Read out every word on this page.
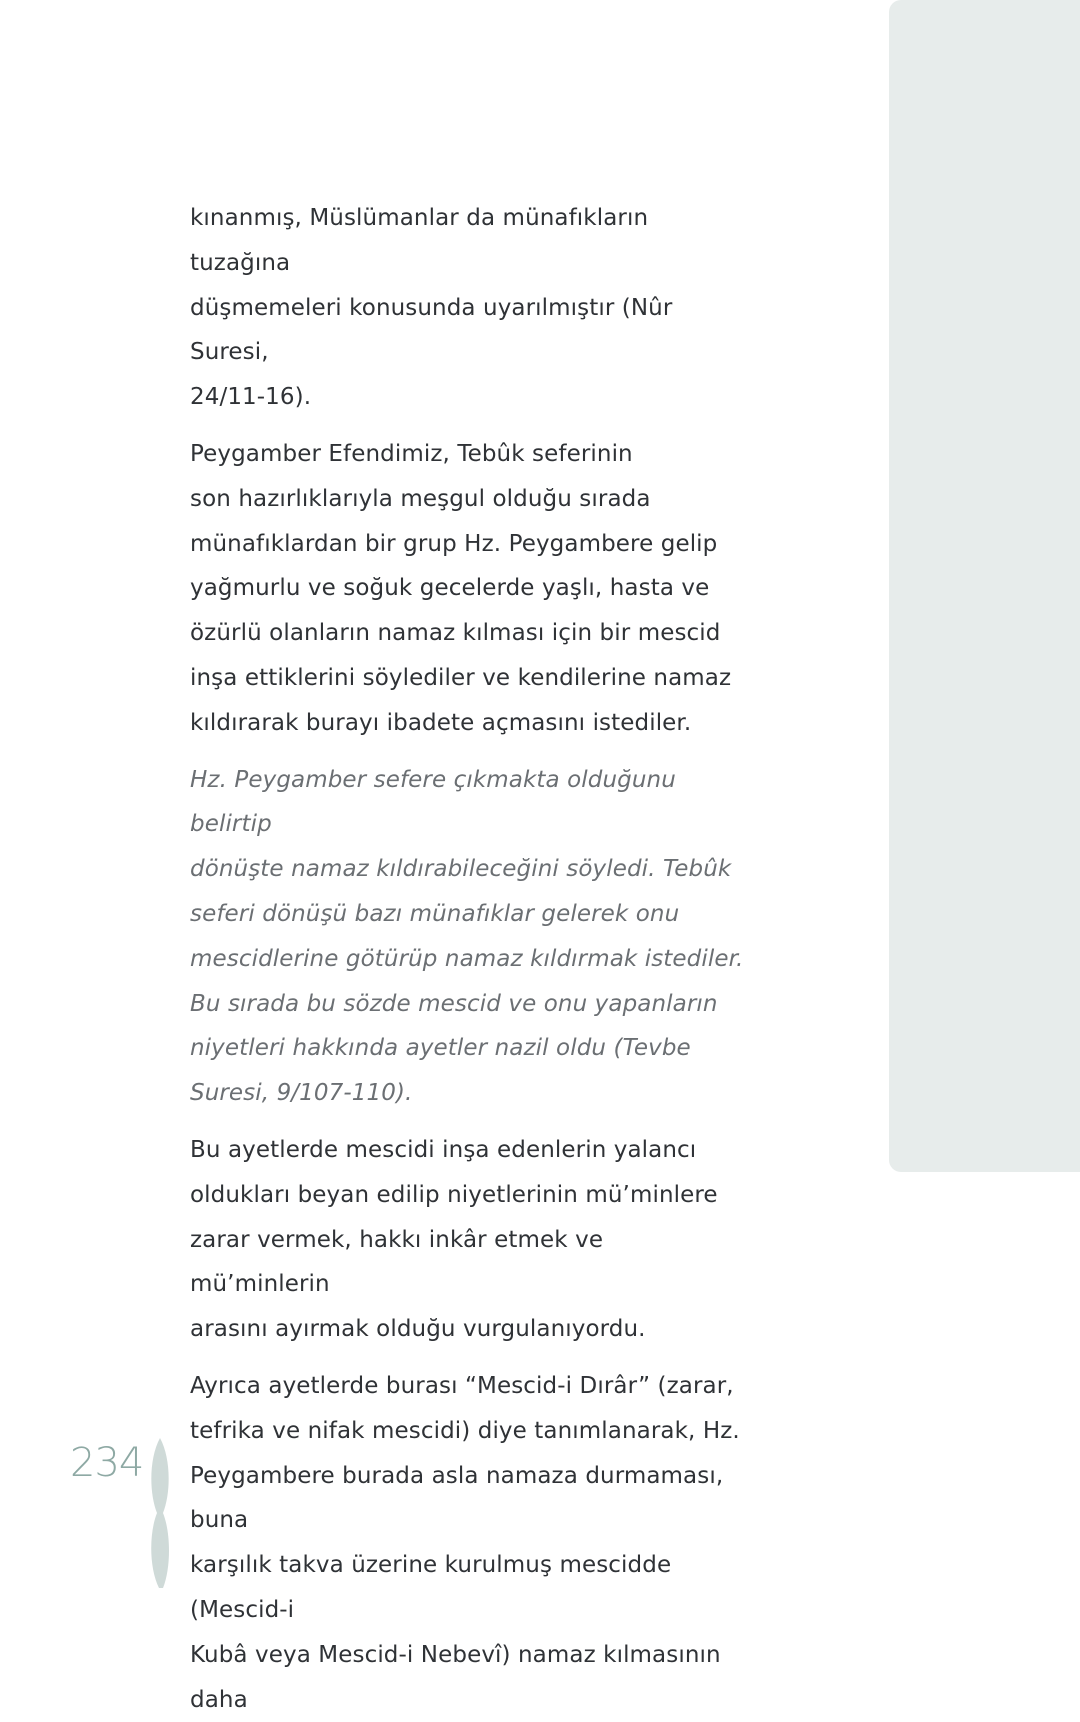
kınanmış, Müslümanlar da münafıkların tuzağına
düşmemeleri konusunda uyarılmıştır (Nûr Suresi,
24/11-16).

Peygamber Efendimiz, Tebûk seferinin
son hazırlıklarıyla meşgul olduğu sırada
münafıklardan bir grup Hz. Peygambere gelip
yağmurlu ve soğuk gecelerde yaşlı, hasta ve
özürlü olanların namaz kılması için bir mescid
inşa ettiklerini söylediler ve kendilerine namaz
kıldırarak burayı ibadete açmasını istediler.

Hz. Peygamber sefere çıkmakta olduğunu belirtip
dönüşte namaz kıldırabileceğini söyledi. Tebûk
seferi dönüşü bazı münafıklar gelerek onu
mescidlerine götürüp namaz kıldırmak istediler.
Bu sırada bu sözde mescid ve onu yapanların
niyetleri hakkında ayetler nazil oldu (Tevbe
Suresi, 9/107-110).

Bu ayetlerde mescidi inşa edenlerin yalancı
oldukları beyan edilip niyetlerinin mü’minlere
zarar vermek, hakkı inkâr etmek ve mü’minlerin
arasını ayırmak olduğu vurgulanıyordu.

Ayrıca ayetlerde burası “Mescid-i Dırâr” (zarar,
tefrika ve nifak mescidi) diye tanımlanarak, Hz.
Peygambere burada asla namaza durmaması, buna
karşılık takva üzerine kurulmuş mescidde (Mescid-i
Kubâ veya Mescid-i Nebevî) namaz kılmasının daha

234
